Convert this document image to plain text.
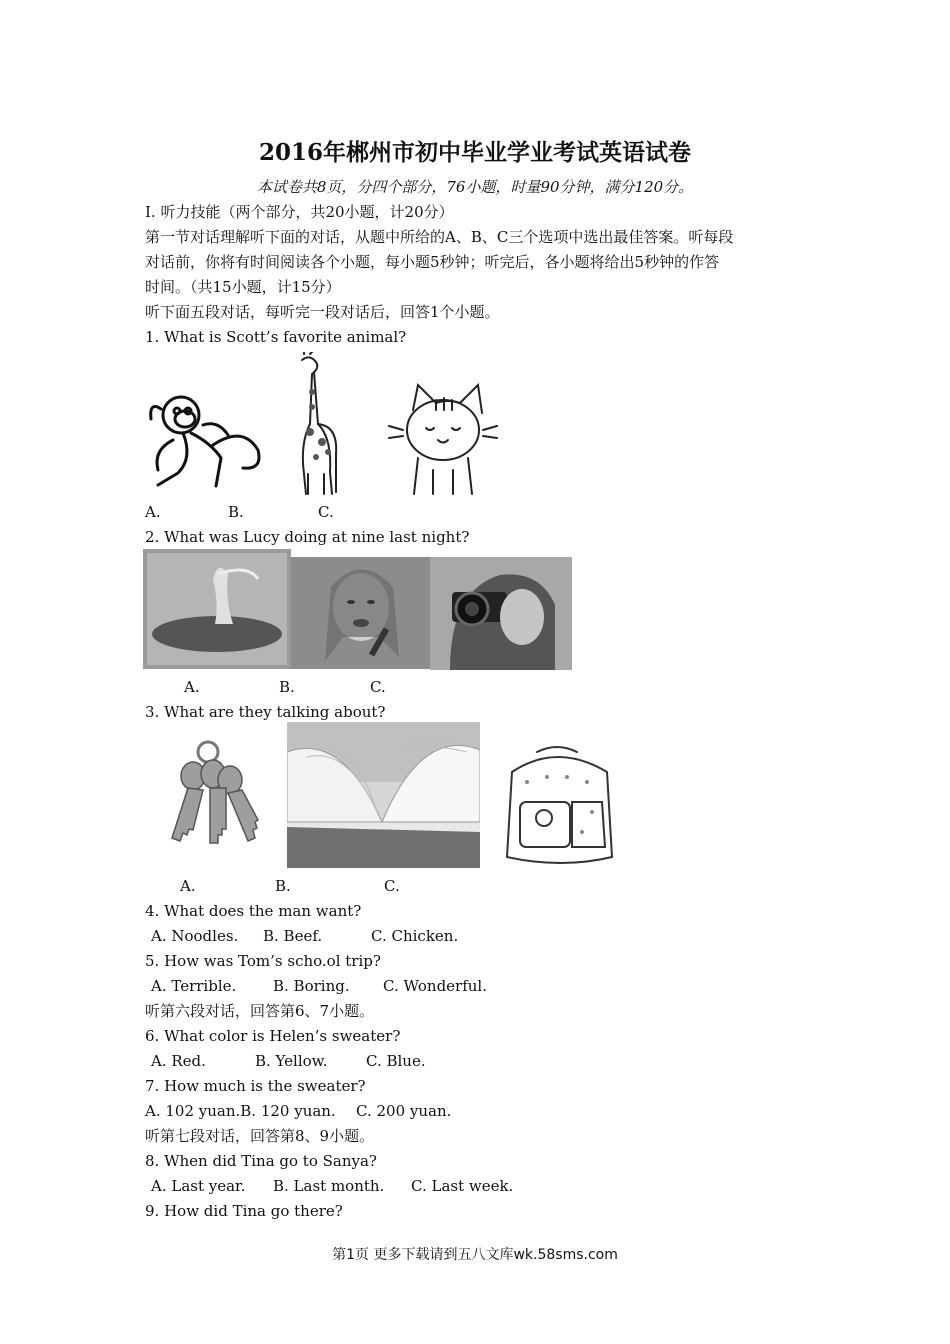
2016年郴州市初中毕业学业考试英语试卷
本试卷共8页，分四个部分，76小题，时量90分钟，满分120分。
I. 听力技能（两个部分，共20小题，计20分）
第一节对话理解听下面的对话，从题中所给的A、B、C三个选项中选出最佳答案。听每段
对话前，你将有时间阅读各个小题，每小题5秒钟；听完后，各小题将给出5秒钟的作答
时间。（共15小题，计15分）
听下面五段对话，每听完一段对话后，回答1个小题。
1. What is Scott’s favorite animal?
A.	B.	C.
2. What was Lucy doing at nine last night?
A.	B.	C.
3. What are they talking about?
A.	B.	C.
4. What does the man want?
A. Noodles. B. Beef.	C. Chicken.
5. How was Tom’s scho.ol trip?
A. Terrible. B. Boring. C. Wonderful.
听第六段对话，回答第6、7小题。
6. What color is Helen’s sweater?
A. Red.	B. Yellow.	C. Blue.
7. How much is the sweater?
A. 102 yuan.B. 120 yuan. C. 200 yuan.
听第七段对话，回答第8、9小题。
8. When did Tina go to Sanya?
A. Last year. B. Last month. C. Last week.
9. How did Tina go there?
第1页 更多下载请到五八文库wk.58sms.com
